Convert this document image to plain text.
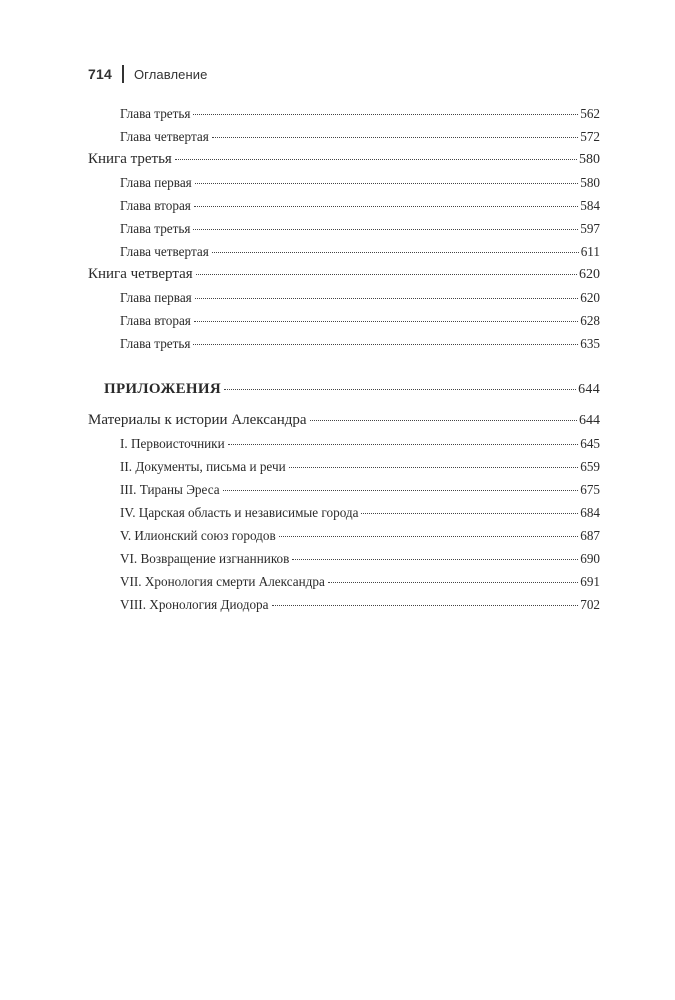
714 Оглавление
Глава третья	562
Глава четвертая	572
Книга третья	580
Глава первая	580
Глава вторая	584
Глава третья	597
Глава четвертая	611
Книга четвертая	620
Глава первая	620
Глава вторая	628
Глава третья	635
ПРИЛОЖЕНИЯ	644
Материалы к истории Александра	644
I. Первоисточники	645
II. Документы, письма и речи	659
III. Тираны Эреса	675
IV. Царская область и независимые города	684
V. Илионский союз городов	687
VI. Возвращение изгнанников	690
VII. Хронология смерти Александра	691
VIII. Хронология Диодора	702
